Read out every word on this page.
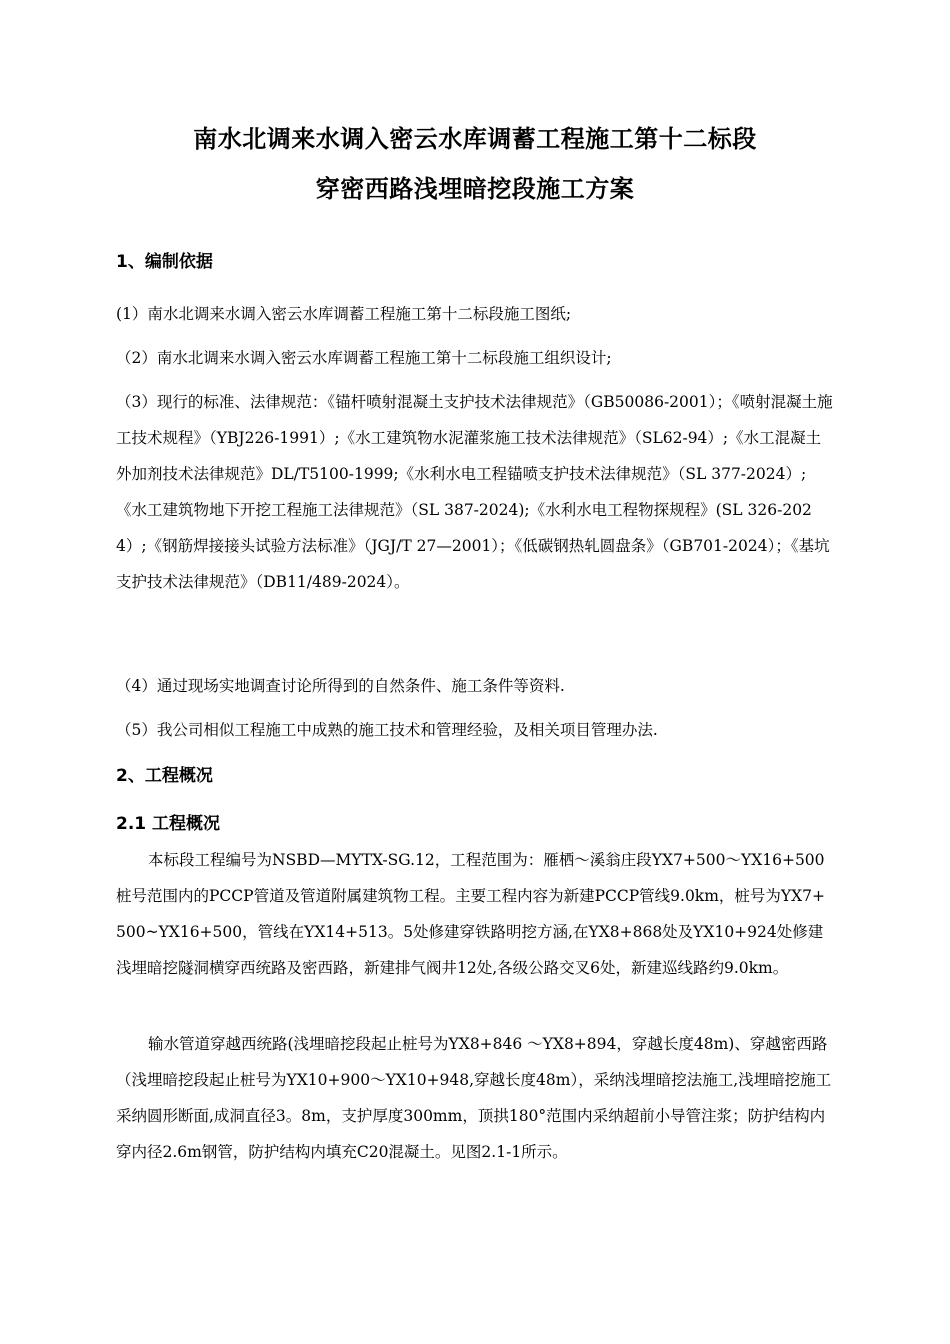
南水北调来水调入密云水库调蓄工程施工第十二标段
穿密西路浅埋暗挖段施工方案
1、编制依据

(1）南水北调来水调入密云水库调蓄工程施工第十二标段施工图纸;

（2）南水北调来水调入密云水库调蓄工程施工第十二标段施工组织设计;

（3）现行的标准、法律规范：《锚杆喷射混凝土支护技术法律规范》（GB50086-2001）；《喷射混凝土施工技术规程》（YBJ226-1991）;《水工建筑物水泥灌浆施工技术法律规范》（SL62-94）;《水工混凝土外加剂技术法律规范》DL/T5100-1999;《水利水电工程锚喷支护技术法律规范》（SL 377-2024）;《水工建筑物地下开挖工程施工法律规范》（SL 387-2024);《水利水电工程物探规程》(SL 326-2024）;《钢筋焊接接头试验方法标准》（JGJ/T 27—2001）；《低碳钢热轧圆盘条》（GB701-2024）；《基坑支护技术法律规范》（DB11/489-2024）。

（4）通过现场实地调查讨论所得到的自然条件、施工条件等资料.

（5）我公司相似工程施工中成熟的施工技术和管理经验，及相关项目管理办法.

2、工程概况
2.1 工程概况

本标段工程编号为NSBD—MYTX-SG.12，工程范围为：雁栖～溪翁庄段YX7+500～YX16+500桩号范围内的PCCP管道及管道附属建筑物工程。主要工程内容为新建PCCP管线9.0km，桩号为YX7+500~YX16+500，管线在YX14+513。5处修建穿铁路明挖方涵,在YX8+868处及YX10+924处修建浅埋暗挖隧洞横穿西统路及密西路，新建排气阀井12处,各级公路交叉6处，新建巡线路约9.0km。

输水管道穿越西统路(浅埋暗挖段起止桩号为YX8+846 ～YX8+894，穿越长度48m)、穿越密西路（浅埋暗挖段起止桩号为YX10+900～YX10+948,穿越长度48m），采纳浅埋暗挖法施工,浅埋暗挖施工采纳圆形断面,成洞直径3。8m，支护厚度300mm，顶拱180°范围内采纳超前小导管注浆；防护结构内穿内径2.6m钢管，防护结构内填充C20混凝土。见图2.1-1所示。
